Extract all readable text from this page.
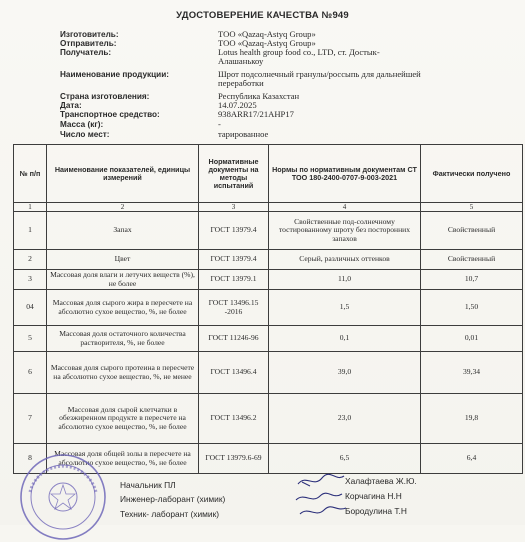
УДОСТОВЕРЕНИЕ КАЧЕСТВА №949
Изготовитель:	ТОО «Qazaq-Astyq Group»
Отправитель:	ТОО «Qazaq-Astyq Group»
Получатель:	Lotus health group food co., LTD, ст. Достык-
Алашанькоу
Наименование продукции:	Шрот подсолнечный гранулы/россыпь для дальнейшей
переработки
Страна изготовления:	Республика Казахстан
Дата:	14.07.2025
Транспортное средство:	938ARR17/21AHP17
Масса (кг):	-
Число мест:	тарированное
№ п/п	Наименование показателей, единицы измерений	Нормативные документы на методы испытаний	Нормы по нормативным документам СТ ТОО 180-2400-0707-9-003-2021	Фактически получено
1	2	3	4	5
1	Запах	ГОСТ 13979.4	Свойственные под-солнечному тостированному шроту без посторонних запахов	Свойственный
2	Цвет	ГОСТ 13979.4	Серый, различных оттенков	Свойственный
3	Массовая доля влаги и летучих веществ (%), не более	ГОСТ 13979.1	11,0	10,7
04	Массовая доля сырого жира в пересчете на абсолютно сухое вещество, %, не более	ГОСТ 13496.15 -2016	1,5	1,50
5	Массовая доля остаточного количества растворителя, %, не более	ГОСТ 11246-96	0,1	0,01
6	Массовая доля сырого протеина в пересчете на абсолютно сухое вещество, %, не менее	ГОСТ 13496.4	39,0	39,34
7	Массовая доля сырой клетчатки в обезжиренном продукте в пересчете на абсолютно сухое вещество, %, не более	ГОСТ 13496.2	23,0	19,8
8	Массовая доля общей золы в пересчете на абсолютно сухое вещество, %, не более	ГОСТ 13979.6-69	6,5	6,4
Начальник ПЛ	Халафтаева Ж.Ю.
Инженер-лаборант (химик)	Корчагина Н.Н
Техник- лаборант (химик)	Бородулина Т.Н
